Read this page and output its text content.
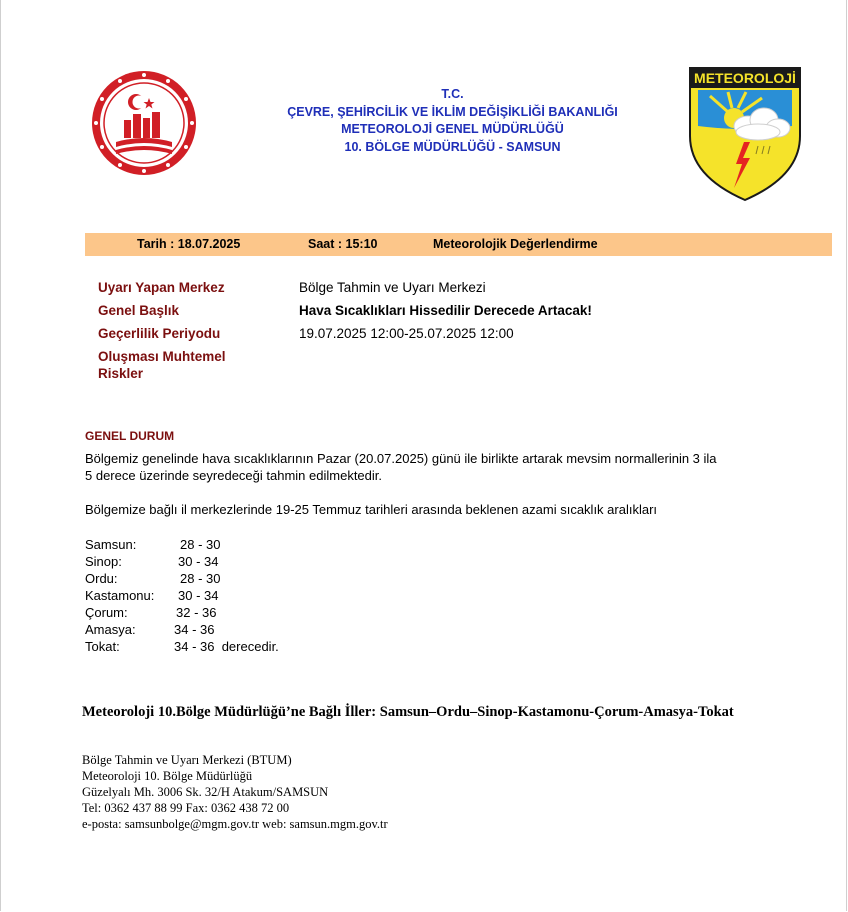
T.C.
ÇEVRE, ŞEHİRCİLİK VE İKLİM DEĞİŞİKLİĞİ BAKANLIĞI
METEOROLOJİ GENEL MÜDÜRLÜĞÜ
10. BÖLGE MÜDÜRLÜĞÜ - SAMSUN
METEOROLOJİ
Tarih : 18.07.2025	Saat : 15:10	Meteorolojik Değerlendirme
Uyarı Yapan Merkez	Bölge Tahmin ve Uyarı Merkezi
Genel Başlık	Hava Sıcaklıkları Hissedilir Derecede Artacak!
Geçerlilik Periyodu	19.07.2025 12:00-25.07.2025 12:00
Oluşması Muhtemel
Riskler
GENEL DURUM
Bölgemiz genelinde hava sıcaklıklarının Pazar (20.07.2025) günü ile birlikte artarak mevsim normallerinin 3 ila
5 derece üzerinde seyredeceği tahmin edilmektedir.
Bölgemize bağlı il merkezlerinde 19-25 Temmuz tarihleri arasında beklenen azami sıcaklık aralıkları
Samsun:	28 - 30
Sinop:	30 - 34
Ordu:	28 - 30
Kastamonu: 30 - 34
Çorum:	32 - 36
Amasya:	34 - 36
Tokat:	34 - 36  derecedir.
Meteoroloji 10.Bölge Müdürlüğü’ne Bağlı İller: Samsun–Ordu–Sinop-Kastamonu-Çorum-Amasya-Tokat
Bölge Tahmin ve Uyarı Merkezi (BTUM)
Meteoroloji 10. Bölge Müdürlüğü
Güzelyalı Mh. 3006 Sk. 32/H Atakum/SAMSUN
Tel: 0362 437 88 99 Fax: 0362 438 72 00
e-posta: samsunbolge@mgm.gov.tr web: samsun.mgm.gov.tr
